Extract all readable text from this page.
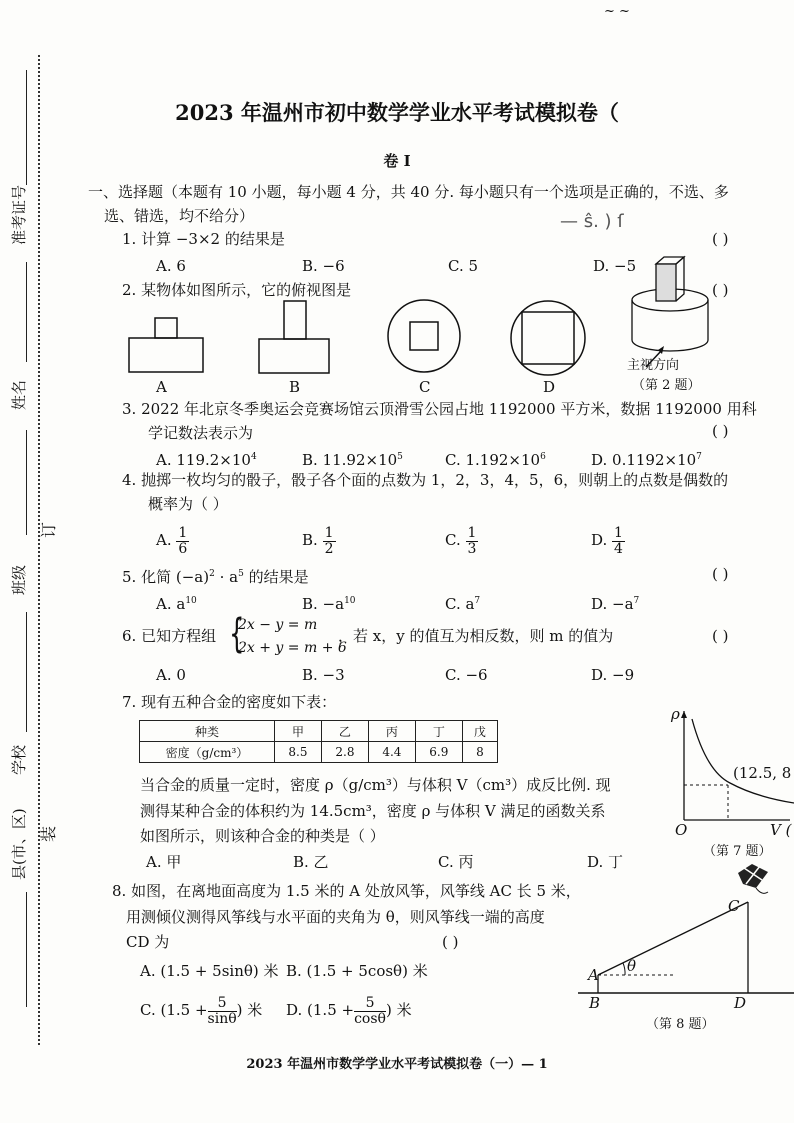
~ ~
准考证号
姓名
班级
学校
县(市、区)
订
装
2023 年温州市初中数学学业水平考试模拟卷（
卷 I
一、选择题（本题有 10 小题，每小题 4 分，共 40 分. 每小题只有一个选项是正确的，不选、多
选、错选，均不给分）	— ŝ. ) ſ
1. 计算 −3×2 的结果是	( )
A. 6	B. −6	C. 5	D. −5
2. 某物体如图所示，它的俯视图是	( )
A	B	C	D
主视方向
（第 2 题）
3. 2022 年北京冬季奥运会竞赛场馆云顶滑雪公园占地 1192000 平方米，数据 1192000 用科
学记数法表示为	( )
A. $119.2\times 10^4$	B. $11.92\times 10^5$	C. $1.192\times 10^6$	D. $0.1192\times 10^7$
4. 抛掷一枚均匀的骰子，骰子各个面的点数为 1，2，3，4，5，6，则朝上的点数是偶数的
概率为（ ）
A. $\frac{1}{6}$	B. $\frac{1}{2}$	C. $\frac{1}{3}$	D. $\frac{1}{4}$
5. 化简 $(-a)^2 \cdot a^5$ 的结果是	( )
A. $a^{10}$	B. $-a^{10}$	C. $a^7$	D. $-a^7$
6. 已知方程组 {
2x − y = m
2x + y = m + 6
，若 x，y 的值互为相反数，则 m 的值为	( )
A. 0	B. −3	C. −6	D. −9
7. 现有五种合金的密度如下表：
种类	甲	乙	丙	丁	戊
密度（g/cm³）	8.5	2.8	4.4	6.9	8
当合金的质量一定时，密度 ρ（g/cm³）与体积 V（cm³）成反比例. 现
测得某种合金的体积约为 14.5cm³，密度 ρ 与体积 V 满足的函数关系
如图所示，则该种合金的种类是（ ）
A. 甲	B. 乙	C. 丙	D. 丁
ρ
(12.5, 8
O	V (
（第 7 题）
8. 如图，在离地面高度为 1.5 米的 A 处放风筝，风筝线 AC 长 5 米，
用测倾仪测得风筝线与水平面的夹角为 θ，则风筝线一端的高度
CD 为	( )
A. (1.5 + 5sinθ) 米 B. (1.5 + 5cosθ) 米
C. ($1.5 + \frac{5}{\sin\theta}$ ) 米 D. ($1.5 + \frac{5}{\cos\theta}$ ) 米
A
B
C
D
θ
（第 8 题）
2023 年温州市数学学业水平考试模拟卷（一）— 1
